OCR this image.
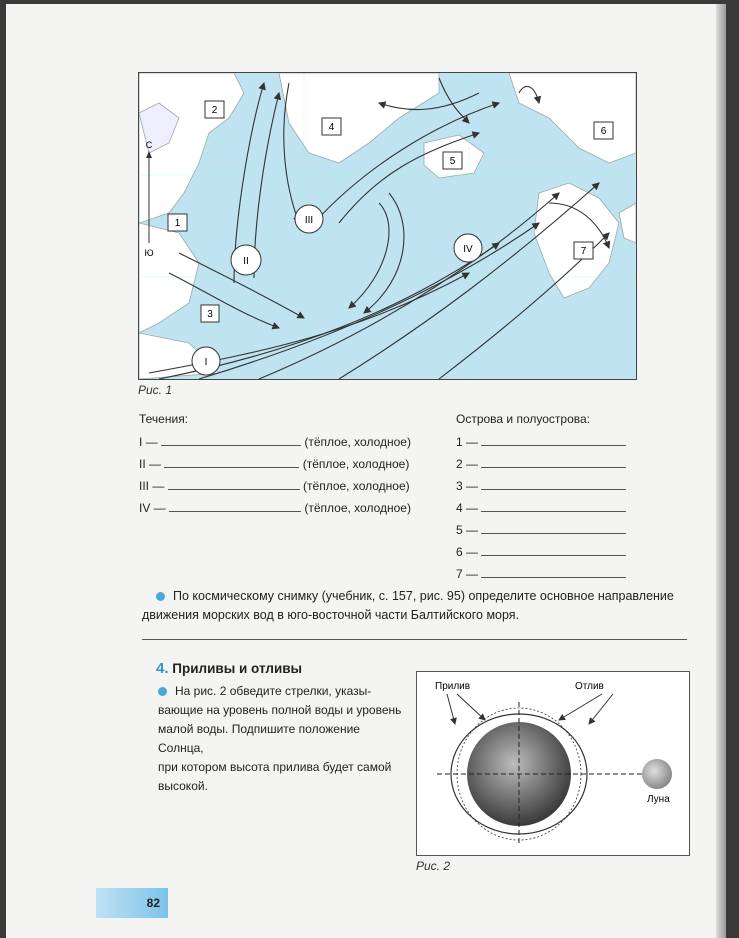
I
II
III
IV
1
2
3
4
5
6
7
С
Ю
Рис. 1
Течения:
I —	(тёплое, холодное)
II —	(тёплое, холодное)
III —	(тёплое, холодное)
IV —	(тёплое, холодное)
Острова и полуострова:
1 —
2 —
3 —
4 —
5 —
6 —
7 —
По космическому снимку (учебник, с. 157, рис. 95) определите основное направление
движения морских вод в юго-восточной части Балтийского моря.
4. Приливы и отливы
На рис. 2 обведите стрелки, указы-
вающие на уровень полной воды и уровень
малой воды. Подпишите положение Солнца,
при котором высота прилива будет самой
высокой.
Прилив	Отлив
Луна
Рис. 2
82
